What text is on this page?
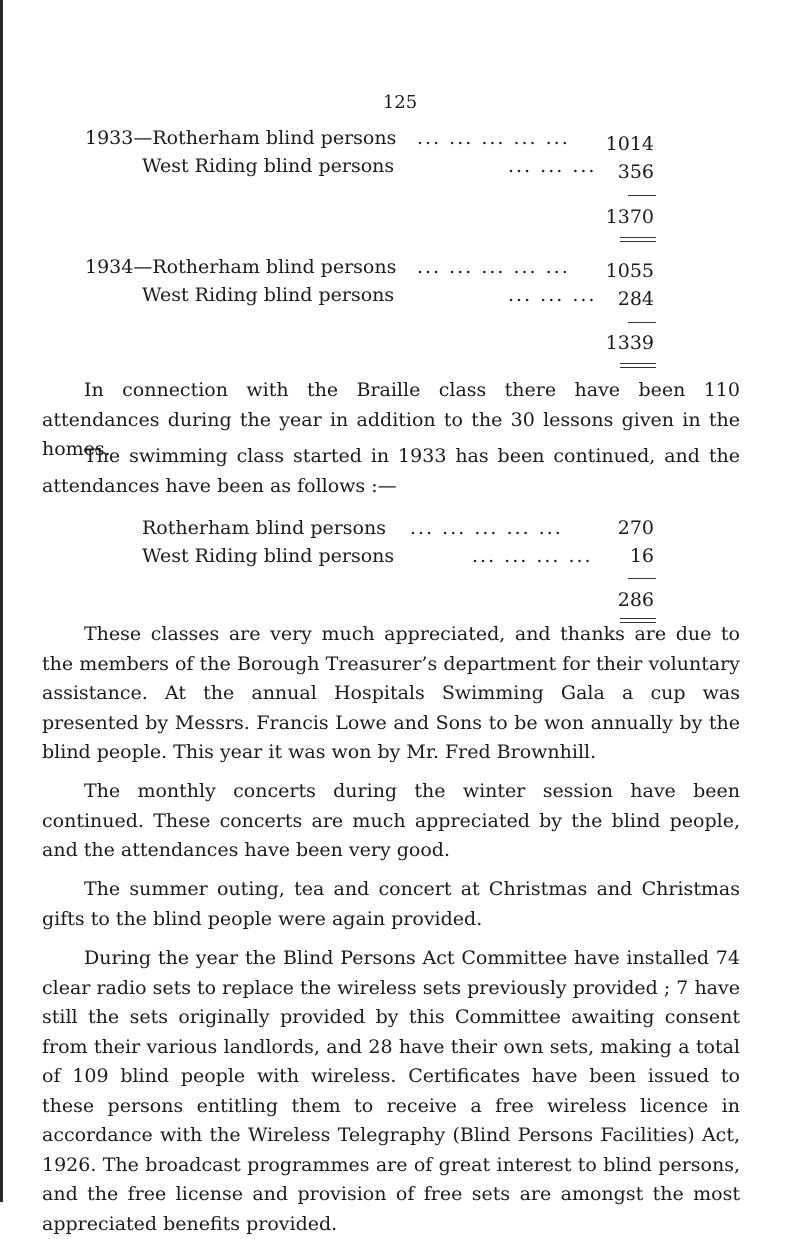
125
1933—Rotherham blind persons ... ... ... ... ...	1014
West Riding blind persons	... ... ...	356
1370
1934—Rotherham blind persons ... ... ... ... ...	1055
West Riding blind persons	... ... ...	284
1339

In connection with the Braille class there have been 110 attendances during the year in addition to the 30 lessons given in the homes.

The swimming class started in 1933 has been continued, and the attendances have been as follows :—

Rotherham blind persons ... ... ... ... ...	270
West Riding blind persons	... ... ... ...	16
286

These classes are very much appreciated, and thanks are due to the members of the Borough Treasurer’s department for their voluntary assistance. At the annual Hospitals Swimming Gala a cup was presented by Messrs. Francis Lowe and Sons to be won annually by the blind people. This year it was won by Mr. Fred Brownhill.

The monthly concerts during the winter session have been continued. These concerts are much appreciated by the blind people, and the attendances have been very good.

The summer outing, tea and concert at Christmas and Christmas gifts to the blind people were again provided.

During the year the Blind Persons Act Committee have installed 74 clear radio sets to replace the wireless sets previously provided ; 7 have still the sets originally provided by this Committee awaiting consent from their various landlords, and 28 have their own sets, making a total of 109 blind people with wireless. Certificates have been issued to these persons entitling them to receive a free wireless licence in accordance with the Wireless Telegraphy (Blind Persons Facilities) Act, 1926. The broadcast programmes are of great interest to blind persons, and the free license and provision of free sets are amongst the most appreciated benefits provided.
